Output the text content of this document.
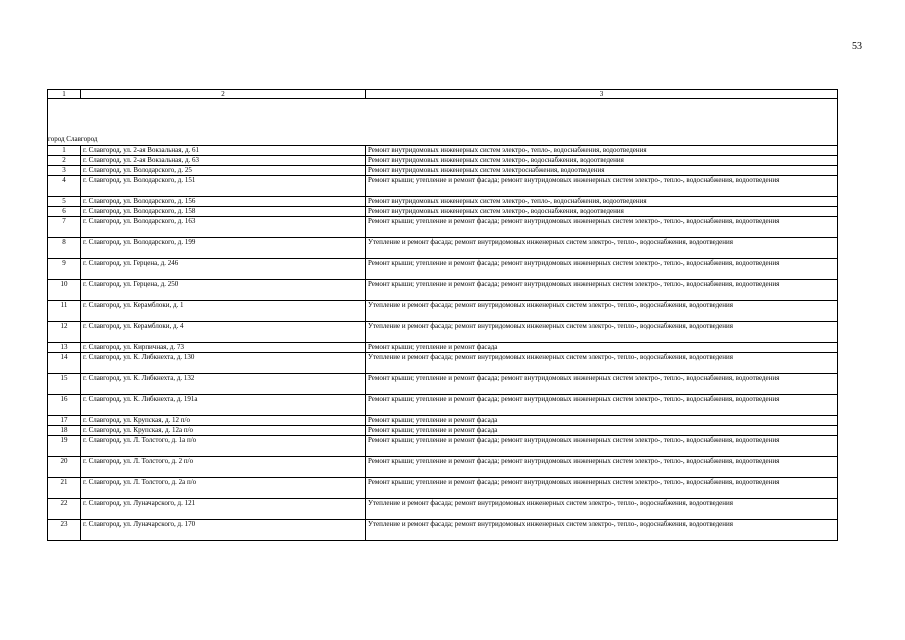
53
1	2	3

город Славгород		
1	г. Славгород, ул. 2-ая Вокзальная, д. 61	Ремонт внутридомовых инженерных систем электро-, тепло-, водоснабжения, водоотведения
2	г. Славгород, ул. 2-ая Вокзальная, д. 63	Ремонт внутридомовых инженерных систем электро-, водоснабжения, водоотведения
3	г. Славгород, ул. Володарского, д. 25	Ремонт внутридомовых инженерных систем электроснабжения, водоотведения
4	г. Славгород, ул. Володарского, д. 151	Ремонт крыши; утепление и ремонт фасада; ремонт внутридомовых инженерных систем электро-, тепло-, водоснабжения, водоотведения
5	г. Славгород, ул. Володарского, д. 156	Ремонт внутридомовых инженерных систем электро-, тепло-, водоснабжения, водоотведения
6	г. Славгород, ул. Володарского, д. 158	Ремонт внутридомовых инженерных систем электро-, водоснабжения, водоотведения
7	г. Славгород, ул. Володарского, д. 163	Ремонт крыши; утепление и ремонт фасада; ремонт внутридомовых инженерных систем электро-, тепло-, водоснабжения, водоотведения
8	г. Славгород, ул. Володарского, д. 199	Утепление и ремонт фасада; ремонт внутридомовых инженерных систем электро-, тепло-, водоснабжения, водоотведения
9	г. Славгород, ул. Герцена, д. 246	Ремонт крыши; утепление и ремонт фасада; ремонт внутридомовых инженерных систем электро-, тепло-, водоснабжения, водоотведения
10	г. Славгород, ул. Герцена, д. 250	Ремонт крыши; утепление и ремонт фасада; ремонт внутридомовых инженерных систем электро-, тепло-, водоснабжения, водоотведения
11	г. Славгород, ул. Керамблоки, д. 1	Утепление и ремонт фасада; ремонт внутридомовых инженерных систем электро-, тепло-, водоснабжения, водоотведения
12	г. Славгород, ул. Керамблоки, д. 4	Утепление и ремонт фасада; ремонт внутридомовых инженерных систем электро-, тепло-, водоснабжения, водоотведения
13	г. Славгород, ул. Кирпичная, д. 73	Ремонт крыши; утепление и ремонт фасада
14	г. Славгород, ул. К. Либкнехта, д. 130	Утепление и ремонт фасада; ремонт внутридомовых инженерных систем электро-, тепло-, водоснабжения, водоотведения
15	г. Славгород, ул. К. Либкнехта, д. 132	Ремонт крыши; утепление и ремонт фасада; ремонт внутридомовых инженерных систем электро-, тепло-, водоснабжения, водоотведения
16	г. Славгород, ул. К. Либкнехта, д. 191а	Ремонт крыши; утепление и ремонт фасада; ремонт внутридомовых инженерных систем электро-, тепло-, водоснабжения, водоотведения
17	г. Славгород, ул. Крупская, д. 12 п/о	Ремонт крыши; утепление и ремонт фасада
18	г. Славгород, ул. Крупская, д. 12а п/о	Ремонт крыши; утепление и ремонт фасада
19	г. Славгород, ул. Л. Толстого, д. 1а п/о	Ремонт крыши; утепление и ремонт фасада; ремонт внутридомовых инженерных систем электро-, тепло-, водоснабжения, водоотведения
20	г. Славгород, ул. Л. Толстого, д. 2 п/о	Ремонт крыши; утепление и ремонт фасада; ремонт внутридомовых инженерных систем электро-, тепло-, водоснабжения, водоотведения
21	г. Славгород, ул. Л. Толстого, д. 2а п/о	Ремонт крыши; утепление и ремонт фасада; ремонт внутридомовых инженерных систем электро-, тепло-, водоснабжения, водоотведения
22	г. Славгород, ул. Луначарского, д. 121	Утепление и ремонт фасада; ремонт внутридомовых инженерных систем электро-, тепло-, водоснабжения, водоотведения
23	г. Славгород, ул. Луначарского, д. 170	Утепление и ремонт фасада; ремонт внутридомовых инженерных систем электро-, тепло-, водоснабжения, водоотведения
